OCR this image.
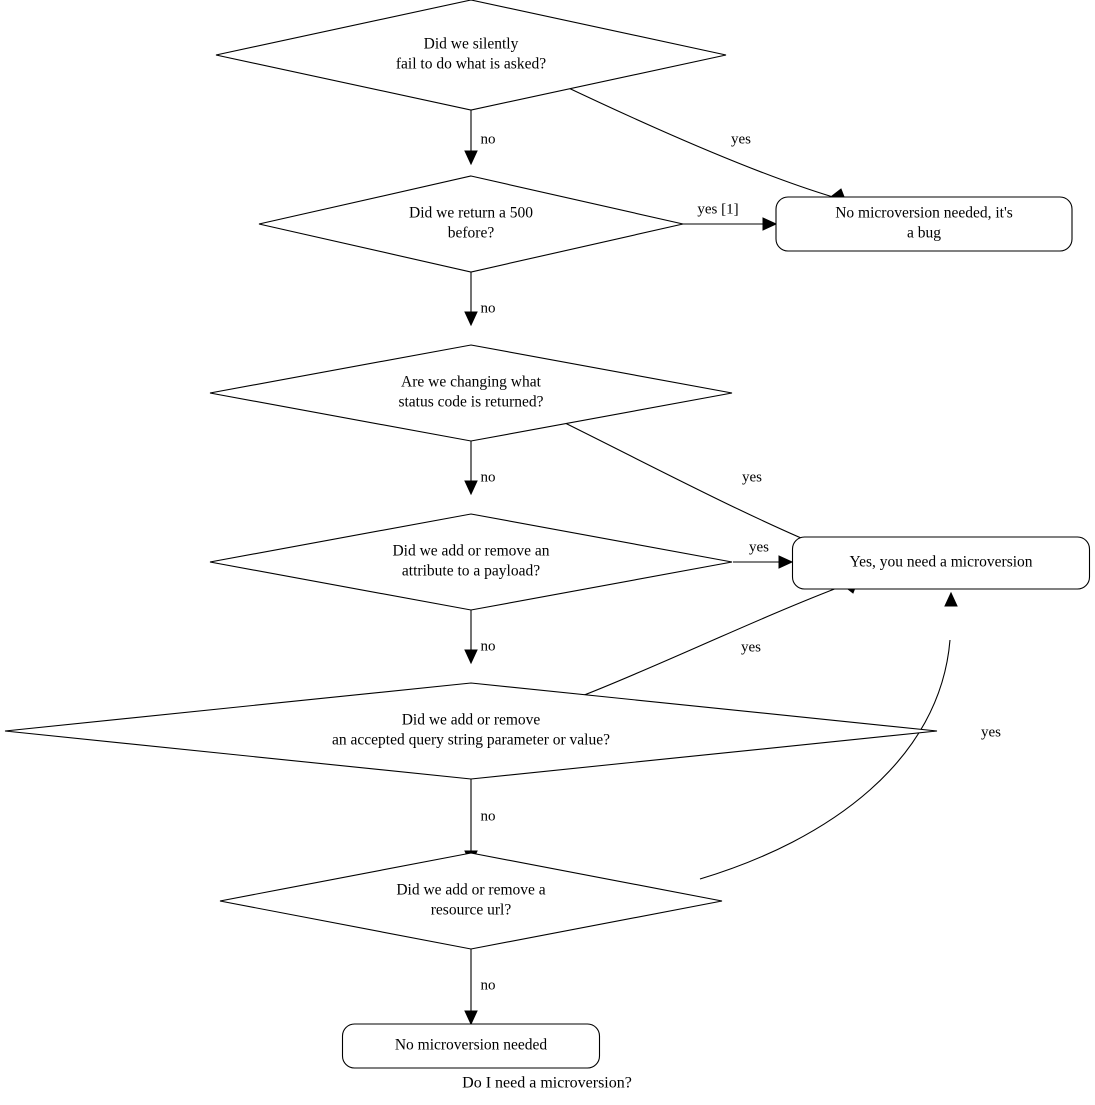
no	yes
no
yes [1]
no	yes
no
yes
no
yes
yes
no
Did we silently
fail to do what is asked?
Did we return a 500
before?
No microversion needed, it's
a bug
Are we changing what
status code is returned?
Did we add or remove an
attribute to a payload?
Yes, you need a microversion
Did we add or remove
an accepted query string parameter or value?
Did we add or remove a
resource url?
No microversion needed
Do I need a microversion?
